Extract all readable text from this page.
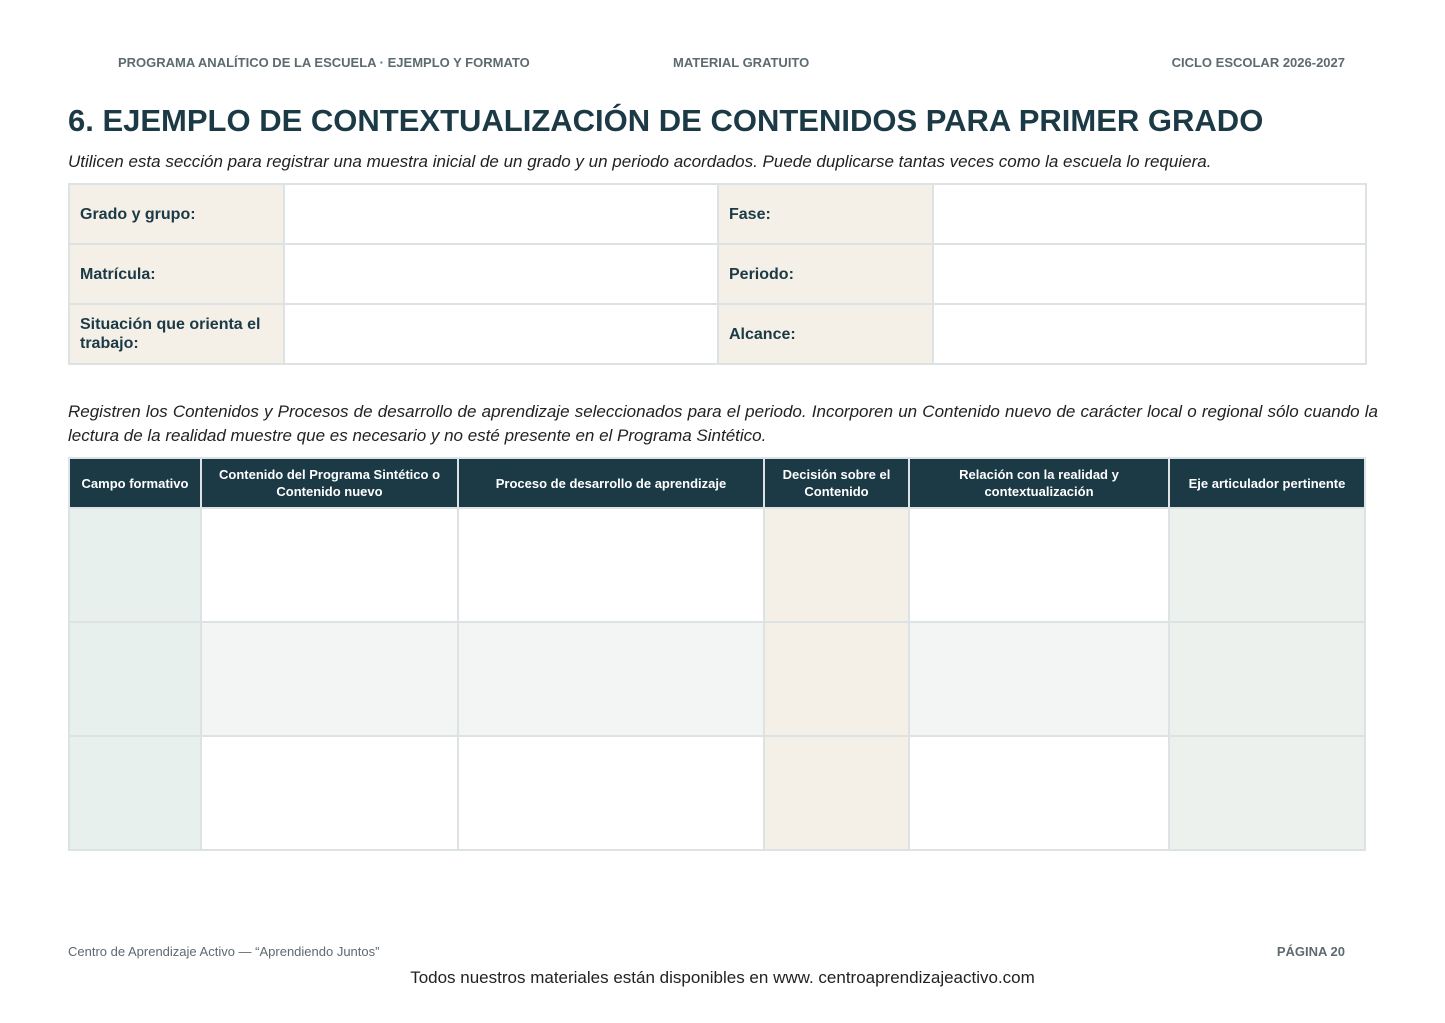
PROGRAMA ANALÍTICO DE LA ESCUELA · EJEMPLO Y FORMATO	MATERIAL GRATUITO	CICLO ESCOLAR 2026-2027
6. EJEMPLO DE CONTEXTUALIZACIÓN DE CONTENIDOS PARA PRIMER GRADO

Utilicen esta sección para registrar una muestra inicial de un grado y un periodo acordados. Puede duplicarse tantas veces como la escuela lo requiera.

Grado y grupo:		Fase:	
Matrícula:		Periodo:	
Situación que orienta el trabajo:		Alcance:	

Registren los Contenidos y Procesos de desarrollo de aprendizaje seleccionados para el periodo. Incorporen un Contenido nuevo de carácter local o regional sólo cuando la lectura de la realidad muestre que es necesario y no esté presente en el Programa Sintético.

Campo formativo	Contenido del Programa Sintético o Contenido nuevo	Proceso de desarrollo de aprendizaje	Decisión sobre el Contenido	Relación con la realidad y contextualización	Eje articulador pertinente

Centro de Aprendizaje Activo — “Aprendiendo Juntos”	PÁGINA 20
Todos nuestros materiales están disponibles en www. centroaprendizajeactivo.com
